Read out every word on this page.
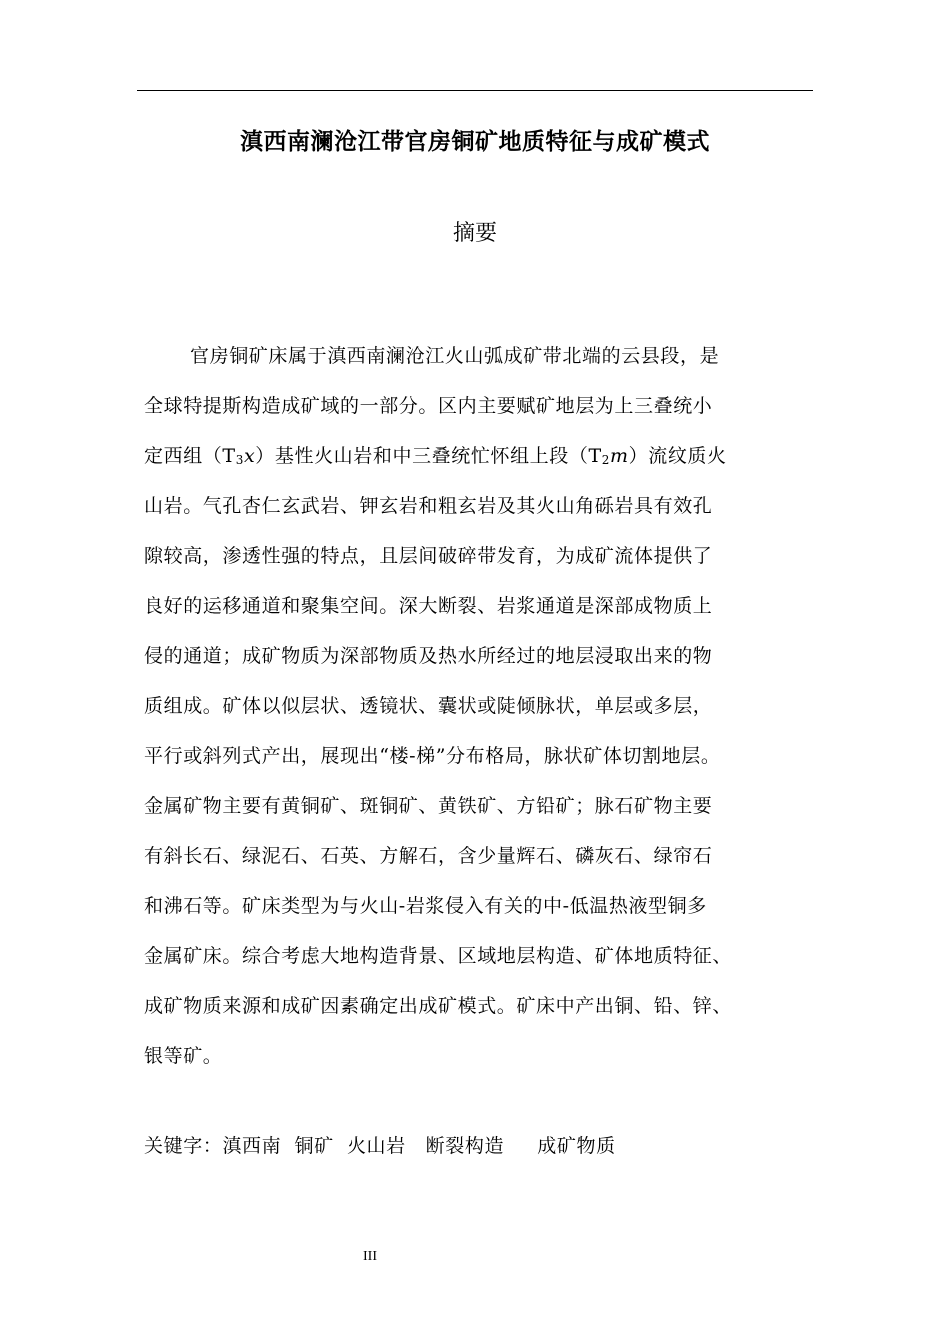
滇西南澜沧江带官房铜矿地质特征与成矿模式
摘要
官房铜矿床属于滇西南澜沧江火山弧成矿带北端的云县段，是
全球特提斯构造成矿域的一部分。区内主要赋矿地层为上三叠统小
定西组（T3x）基性火山岩和中三叠统忙怀组上段（T2m）流纹质火
山岩。气孔杏仁玄武岩、钾玄岩和粗玄岩及其火山角砾岩具有效孔
隙较高，渗透性强的特点，且层间破碎带发育，为成矿流体提供了
良好的运移通道和聚集空间。深大断裂、岩浆通道是深部成物质上
侵的通道；成矿物质为深部物质及热水所经过的地层浸取出来的物
质组成。矿体以似层状、透镜状、囊状或陡倾脉状，单层或多层，
平行或斜列式产出，展现出“楼-梯”分布格局，脉状矿体切割地层。
金属矿物主要有黄铜矿、斑铜矿、黄铁矿、方铅矿；脉石矿物主要
有斜长石、绿泥石、石英、方解石，含少量辉石、磷灰石、绿帘石
和沸石等。矿床类型为与火山-岩浆侵入有关的中-低温热液型铜多
金属矿床。综合考虑大地构造背景、区域地层构造、矿体地质特征、
成矿物质来源和成矿因素确定出成矿模式。矿床中产出铜、铅、锌、
银等矿。
关键字：滇西南  铜矿  火山岩   断裂构造     成矿物质
III
